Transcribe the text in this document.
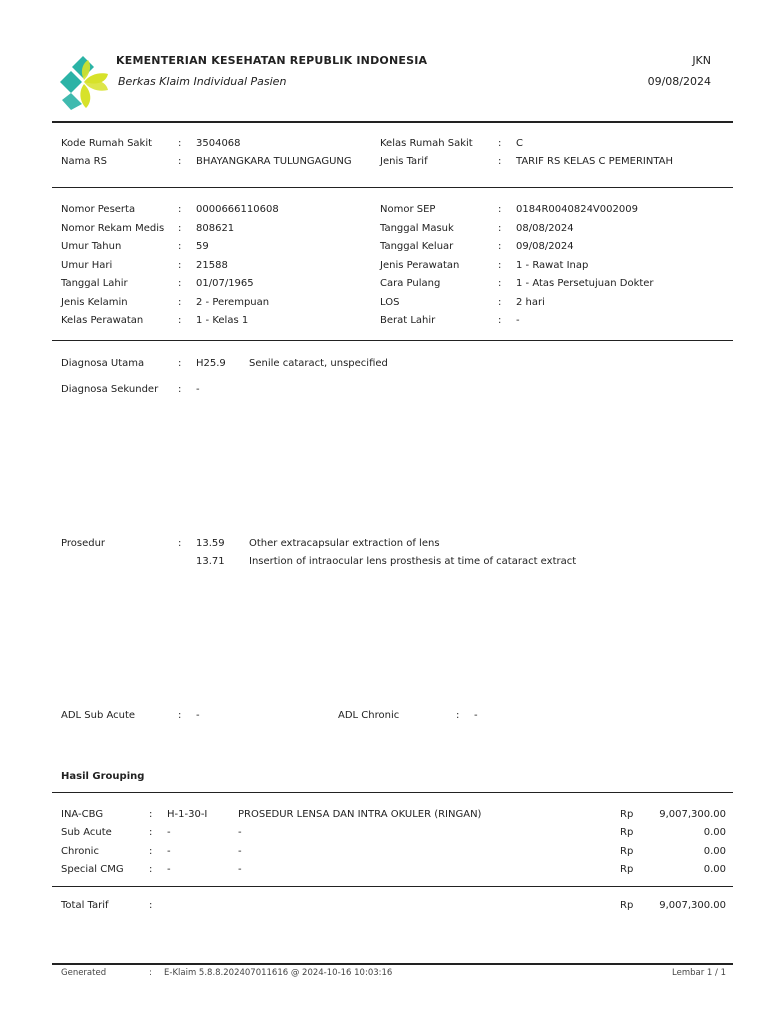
KEMENTERIAN KESEHATAN REPUBLIK INDONESIA
Berkas Klaim Individual Pasien
JKN
09/08/2024
Kode Rumah Sakit	: 3504068
Nama RS	: BHAYANGKARA TULUNGAGUNG
Kelas Rumah Sakit	: C
Jenis Tarif	: TARIF RS KELAS C PEMERINTAH
Nomor Peserta	: 0000666110608
Nomor Rekam Medis : 808621
Umur Tahun	: 59
Umur Hari	: 21588
Tanggal Lahir	: 01/07/1965
Jenis Kelamin	: 2 - Perempuan
Kelas Perawatan	: 1 - Kelas 1
Nomor SEP	: 0184R0040824V002009
Tanggal Masuk	: 08/08/2024
Tanggal Keluar	: 09/08/2024
Jenis Perawatan	: 1 - Rawat Inap
Cara Pulang	: 1 - Atas Persetujuan Dokter
LOS	: 2 hari
Berat Lahir	: -
Diagnosa Utama	: H25.9 Senile cataract, unspecified
Diagnosa Sekunder : -
Prosedur	: 13.59 Other extracapsular extraction of lens
13.71 Insertion of intraocular lens prosthesis at time of cataract extract
ADL Sub Acute	: -	ADL Chronic	: -
Hasil Grouping
INA-CBG	: H-1-30-I	PROSEDUR LENSA DAN INTRA OKULER (RINGAN)	Rp	9,007,300.00
Sub Acute	: -	-	Rp	0.00
Chronic	: -	-	Rp	0.00
Special CMG	: -	-	Rp	0.00
Total Tarif	:	Rp	9,007,300.00
Generated	: E-Klaim 5.8.8.202407011616 @ 2024-10-16 10:03:16	Lembar 1 / 1
